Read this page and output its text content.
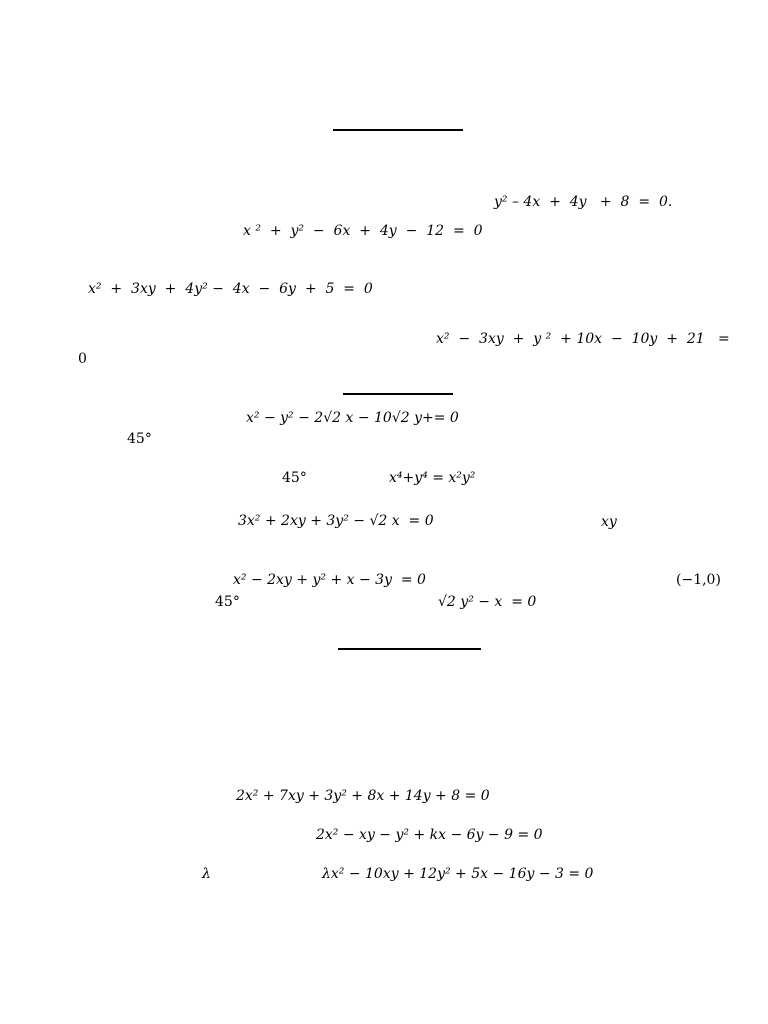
y² – 4x  +  4y   +  8  =  0.
x ²  +  y²  −  6x  +  4y  −  12  =  0
x²  +  3xy  +  4y² −  4x  −  6y  +  5  =  0
x²  −  3xy  +  y ²  + 10x  −  10y  +  21   =
0
x² − y² − 2√2 x − 10√2 y+= 0
45°
45°	x⁴+y⁴ = x²y²
3x² + 2xy + 3y² − √2 x  = 0	xy
x² − 2xy + y² + x − 3y  = 0	(−1,0)
45°	√2 y² − x  = 0
2x² + 7xy + 3y² + 8x + 14y + 8 = 0
2x² − xy − y² + kx − 6y − 9 = 0
λ	λx² − 10xy + 12y² + 5x − 16y − 3 = 0
